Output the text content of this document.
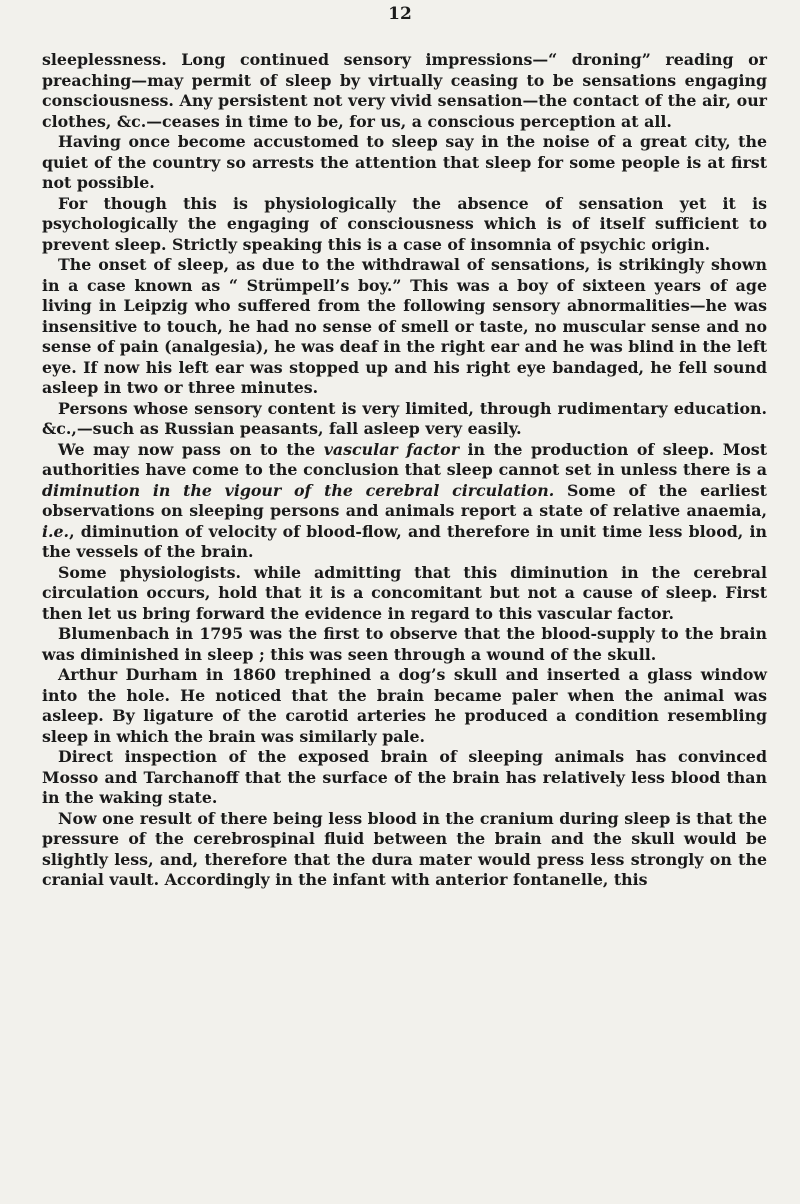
12

sleeplessness. Long continued sensory impressions—“ droning” reading or preaching—may permit of sleep by virtually ceasing to be sensations engaging consciousness. Any persistent not very vivid sensation—the contact of the air, our clothes, &c.—ceases in time to be, for us, a conscious perception at all.

Having once become accustomed to sleep say in the noise of a great city, the quiet of the country so arrests the attention that sleep for some people is at first not possible.

For though this is physiologically the absence of sensation yet it is psychologically the engaging of consciousness which is of itself sufficient to prevent sleep. Strictly speaking this is a case of insomnia of psychic origin.

The onset of sleep, as due to the withdrawal of sensations, is strikingly shown in a case known as “ Strümpell’s boy.” This was a boy of sixteen years of age living in Leipzig who suffered from the following sensory abnormalities—he was insensitive to touch, he had no sense of smell or taste, no muscular sense and no sense of pain (analgesia), he was deaf in the right ear and he was blind in the left eye. If now his left ear was stopped up and his right eye bandaged, he fell sound asleep in two or three minutes.

Persons whose sensory content is very limited, through rudimentary education. &c.,—such as Russian peasants, fall asleep very easily.

We may now pass on to the vascular factor in the production of sleep. Most authorities have come to the conclusion that sleep cannot set in unless there is a diminution in the vigour of the cerebral circulation. Some of the earliest observations on sleeping persons and animals report a state of relative anaemia, i.e., diminution of velocity of blood-flow, and therefore in unit time less blood, in the vessels of the brain.

Some physiologists. while admitting that this diminution in the cerebral circulation occurs, hold that it is a concomitant but not a cause of sleep. First then let us bring forward the evidence in regard to this vascular factor.

Blumenbach in 1795 was the first to observe that the blood-supply to the brain was diminished in sleep ; this was seen through a wound of the skull.

Arthur Durham in 1860 trephined a dog’s skull and inserted a glass window into the hole. He noticed that the brain became paler when the animal was asleep. By ligature of the carotid arteries he produced a condition resembling sleep in which the brain was similarly pale.

Direct inspection of the exposed brain of sleeping animals has convinced Mosso and Tarchanoff that the surface of the brain has relatively less blood than in the waking state.

Now one result of there being less blood in the cranium during sleep is that the pressure of the cerebrospinal fluid between the brain and the skull would be slightly less, and, therefore that the dura mater would press less strongly on the cranial vault. Accordingly in the infant with anterior fontanelle, this
